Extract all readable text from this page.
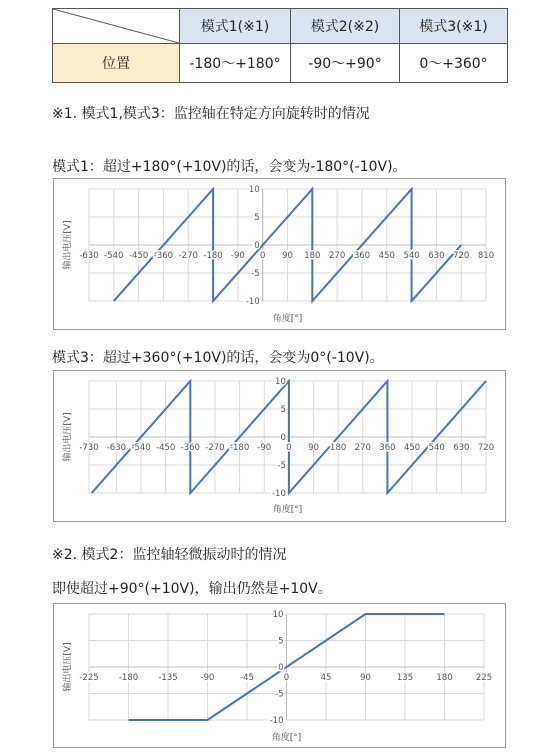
	模式1(※1)	模式2(※2)	模式3(※1)
位置	-180～+180°	-90～+90°	0～+360°
※1. 模式1,模式3：监控轴在特定方向旋转时的情况
模式1：超过+180°(+10V)的话，会变为-180°(-10V)。
-630 -540 -450 -360 -270 -180 -90 0 90 180 270 360 450 540 630 720 810
10
5
0
-5
-10
角度[°]
输出电压[V]
模式3：超过+360°(+10V)的话，会变为0°(-10V)。
-730 -630 -540 -450 -360 -270 -180 -90 0 90 180 270 360 450 540 630 720
10
5
0
-5
-10
角度[°]
输出电压[V]
※2. 模式2：监控轴轻微振动时的情况
即使超过+90°(+10V)，输出仍然是+10V。
-225 -180 -135	-90	-45	0	45	90	135	180	225
10
5
0
-5
-10
角度[°]
输出电压[V]
